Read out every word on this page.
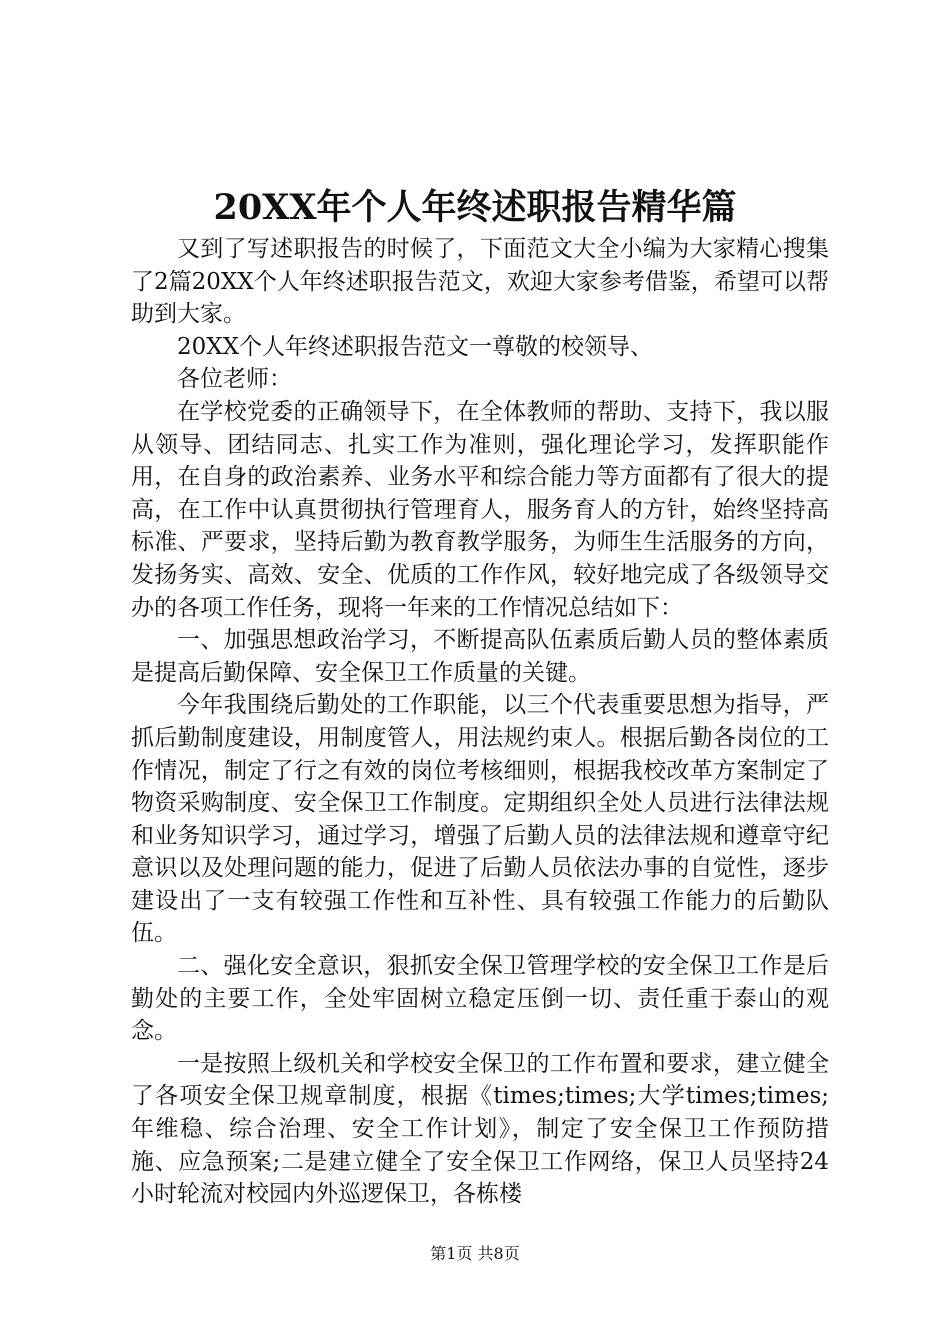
20XX年个人年终述职报告精华篇

又到了写述职报告的时候了，下面范文大全小编为大家精心搜集了2篇20XX个人年终述职报告范文，欢迎大家参考借鉴，希望可以帮助到大家。

20XX个人年终述职报告范文一尊敬的校领导、

各位老师：

在学校党委的正确领导下，在全体教师的帮助、支持下，我以服从领导、团结同志、扎实工作为准则，强化理论学习，发挥职能作用，在自身的政治素养、业务水平和综合能力等方面都有了很大的提高，在工作中认真贯彻执行管理育人，服务育人的方针，始终坚持高标准、严要求，坚持后勤为教育教学服务，为师生生活服务的方向，发扬务实、高效、安全、优质的工作作风，较好地完成了各级领导交办的各项工作任务，现将一年来的工作情况总结如下：

一、加强思想政治学习，不断提高队伍素质后勤人员的整体素质是提高后勤保障、安全保卫工作质量的关键。

今年我围绕后勤处的工作职能，以三个代表重要思想为指导，严抓后勤制度建设，用制度管人，用法规约束人。根据后勤各岗位的工作情况，制定了行之有效的岗位考核细则，根据我校改革方案制定了物资采购制度、安全保卫工作制度。定期组织全处人员进行法律法规和业务知识学习，通过学习，增强了后勤人员的法律法规和遵章守纪意识以及处理问题的能力，促进了后勤人员依法办事的自觉性，逐步建设出了一支有较强工作性和互补性、具有较强工作能力的后勤队伍。

二、强化安全意识，狠抓安全保卫管理学校的安全保卫工作是后勤处的主要工作，全处牢固树立稳定压倒一切、责任重于泰山的观念。

一是按照上级机关和学校安全保卫的工作布置和要求，建立健全了各项安全保卫规章制度，根据《times;times;大学times;times;年维稳、综合治理、安全工作计划》，制定了安全保卫工作预防措施、应急预案;二是建立健全了安全保卫工作网络，保卫人员坚持24小时轮流对校园内外巡逻保卫，各栋楼

第1页 共8页
